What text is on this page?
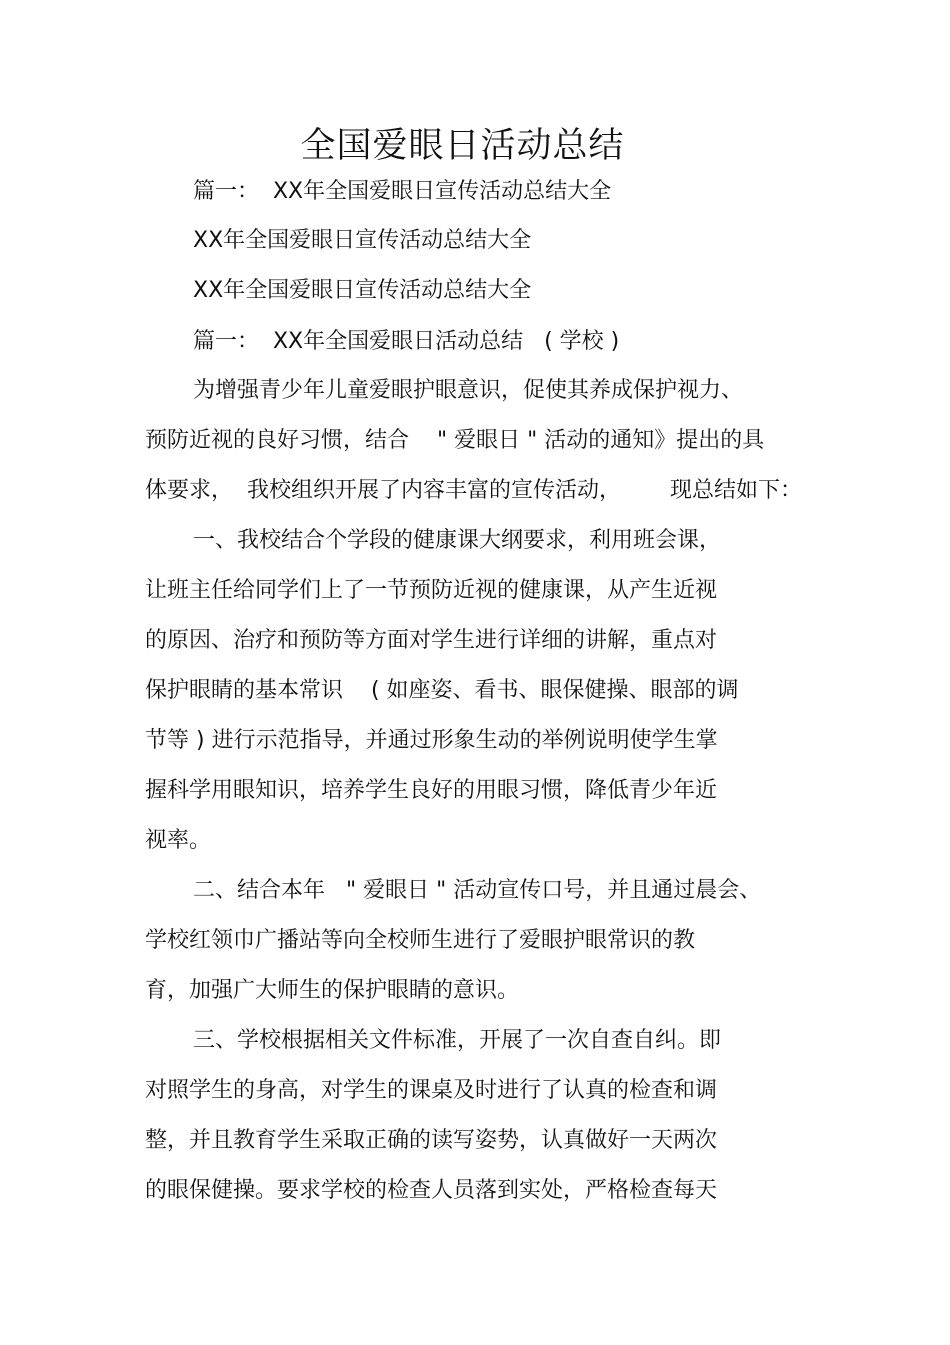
全国爱眼日活动总结
篇一：  XX年全国爱眼日宣传活动总结大全
XX年全国爱眼日宣传活动总结大全
XX年全国爱眼日宣传活动总结大全
篇一：  XX年全国爱眼日活动总结   ( 学校 )
为增强青少年儿童爱眼护眼意识，促使其养成保护视力、
预防近视的良好习惯，结合    " 爱眼日 " 活动的通知》提出的具
体要求，  我校组织开展了内容丰富的宣传活动，       现总结如下：
一、我校结合个学段的健康课大纲要求，利用班会课，
让班主任给同学们上了一节预防近视的健康课，从产生近视
的原因、治疗和预防等方面对学生进行详细的讲解，重点对
保护眼睛的基本常识    ( 如座姿、看书、眼保健操、眼部的调
节等 ) 进行示范指导，并通过形象生动的举例说明使学生掌
握科学用眼知识，培养学生良好的用眼习惯，降低青少年近
视率。
二、结合本年   " 爱眼日 " 活动宣传口号，并且通过晨会、
学校红领巾广播站等向全校师生进行了爱眼护眼常识的教
育，加强广大师生的保护眼睛的意识。
三、学校根据相关文件标准，开展了一次自查自纠。即
对照学生的身高，对学生的课桌及时进行了认真的检查和调
整，并且教育学生采取正确的读写姿势，认真做好一天两次
的眼保健操。要求学校的检查人员落到实处，严格检查每天
